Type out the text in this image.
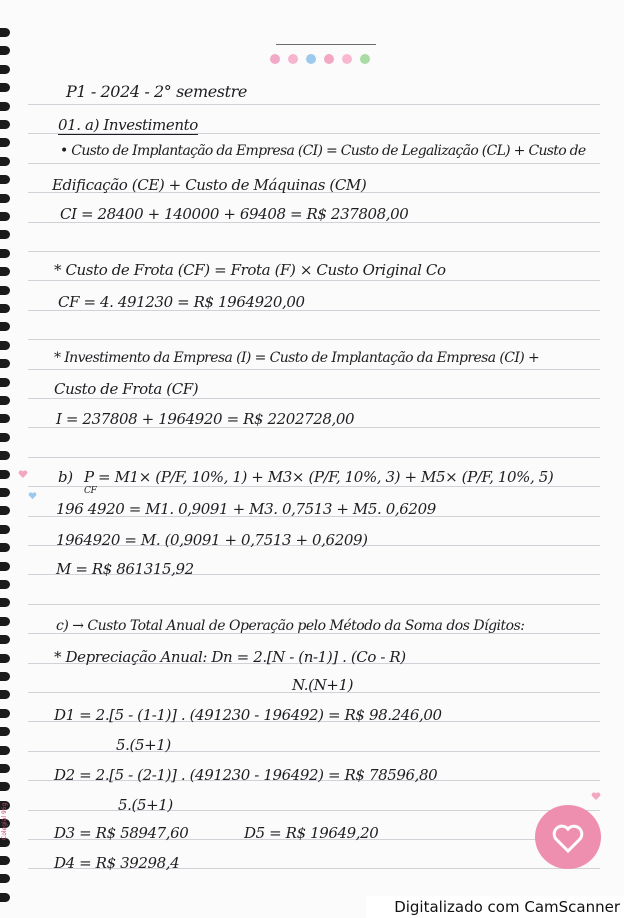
P1 - 2024 - 2° semestre
01. a) Investimento
• Custo de Implantação da Empresa (CI) = Custo de Legalização (CL) + Custo de
Edificação (CE) + Custo de Máquinas (CM)
CI = 28400 + 140000 + 69408 = R$ 237808,00
* Custo de Frota (CF) = Frota (F) × Custo Original Co
CF = 4. 491230 = R$ 1964920,00
* Investimento da Empresa (I) = Custo de Implantação da Empresa (CI) +
Custo de Frota (CF)
I = 237808 + 1964920 = R$ 2202728,00
b) P = M1× (P/F, 10%, 1) + M3× (P/F, 10%, 3) + M5× (P/F, 10%, 5)
CF
196 4920 = M1. 0,9091 + M3. 0,7513 + M5. 0,6209
1964920 = M. (0,9091 + 0,7513 + 0,6209)
M = R$ 861315,92
c) → Custo Total Anual de Operação pelo Método da Soma dos Dígitos:
* Depreciação Anual: Dn = 2.[N - (n-1)] . (Co - R)
N.(N+1)
D1 = 2.[5 - (1-1)] . (491230 - 196492) = R$ 98.246,00
5.(5+1)
D2 = 2.[5 - (2-1)] . (491230 - 196492) = R$ 78596,80
5.(5+1)
D3 = R$ 58947,60	D5 = R$ 19649,20
D4 = R$ 39298,4
Colegial 96g
Digitalizado com CamScanner
